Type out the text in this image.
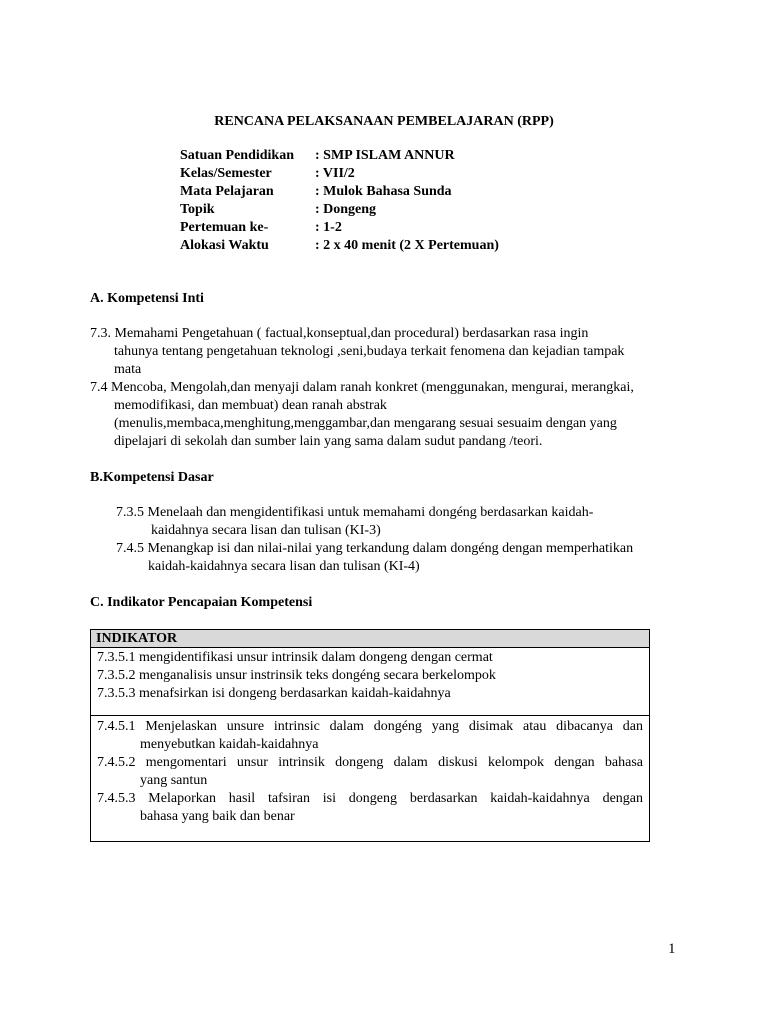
RENCANA PELAKSANAAN PEMBELAJARAN (RPP)
Satuan Pendidikan	: SMP ISLAM ANNUR
Kelas/Semester	: VII/2
Mata Pelajaran	: Mulok Bahasa Sunda
Topik	: Dongeng
Pertemuan ke-	: 1-2
Alokasi Waktu	: 2 x 40 menit (2 X Pertemuan)
A. Kompetensi Inti
7.3. Memahami Pengetahuan ( factual,konseptual,dan procedural) berdasarkan rasa ingin
tahunya tentang pengetahuan teknologi ,seni,budaya terkait fenomena dan kejadian tampak
mata
7.4 Mencoba, Mengolah,dan menyaji dalam ranah konkret (menggunakan, mengurai, merangkai,
memodifikasi, dan membuat) dean ranah abstrak
(menulis,membaca,menghitung,menggambar,dan mengarang sesuai sesuaim dengan yang
dipelajari di sekolah dan sumber lain yang sama dalam sudut pandang /teori.
B.Kompetensi Dasar
7.3.5 Menelaah dan mengidentifikasi untuk memahami dongéng berdasarkan kaidah-
kaidahnya secara lisan dan tulisan (KI-3)
7.4.5 Menangkap isi dan nilai-nilai yang terkandung dalam dongéng dengan memperhatikan
kaidah-kaidahnya secara lisan dan tulisan (KI-4)
C. Indikator Pencapaian Kompetensi
INDIKATOR
7.3.5.1 mengidentifikasi unsur intrinsik dalam dongeng dengan cermat
7.3.5.2 menganalisis unsur instrinsik teks dongéng secara berkelompok
7.3.5.3 menafsirkan isi dongeng berdasarkan kaidah-kaidahnya
7.4.5.1 Menjelaskan unsure intrinsic dalam dongéng yang disimak atau dibacanya dan
menyebutkan kaidah-kaidahnya
7.4.5.2 mengomentari unsur intrinsik dongeng dalam diskusi kelompok dengan bahasa
yang santun
7.4.5.3 Melaporkan hasil tafsiran isi dongeng berdasarkan kaidah-kaidahnya dengan
bahasa yang baik dan benar
1
